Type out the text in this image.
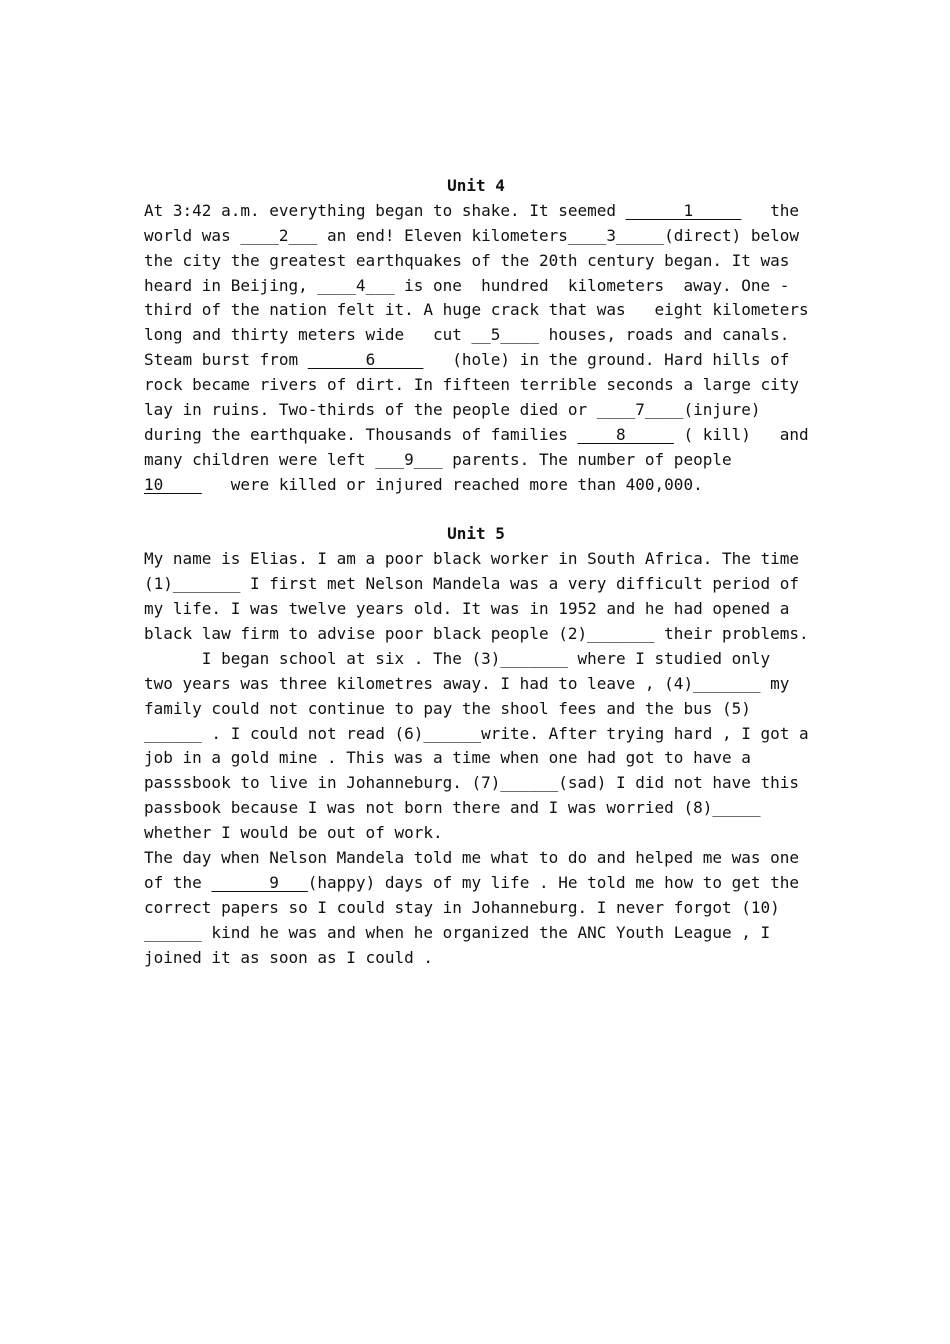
Unit 4
At 3:42 a.m. everything began to shake. It seemed ______1_____   the
world was ____2___ an end! Eleven kilometers____3_____(direct) below
the city the greatest earthquakes of the 20th century began. It was
heard in Beijing, ____4___ is one  hundred  kilometers  away. One -
third of the nation felt it. A huge crack that was   eight kilometers
long and thirty meters wide   cut __5____ houses, roads and canals.
Steam burst from ______6_____   (hole) in the ground. Hard hills of
rock became rivers of dirt. In fifteen terrible seconds a large city
lay in ruins. Two-thirds of the people died or ____7____(injure)
during the earthquake. Thousands of families ____8_____ ( kill)   and
many children were left ___9___ parents. The number of people
10____   were killed or injured reached more than 400,000.
Unit 5
My name is Elias. I am a poor black worker in South Africa. The time
(1)_______ I first met Nelson Mandela was a very difficult period of
my life. I was twelve years old. It was in 1952 and he had opened a
black law firm to advise poor black people (2)_______ their problems.
I began school at six . The (3)_______ where I studied only
two years was three kilometres away. I had to leave , (4)_______ my
family could not continue to pay the shool fees and the bus (5)
______ . I could not read (6)______write. After trying hard , I got a
job in a gold mine . This was a time when one had got to have a
passsbook to live in Johanneburg. (7)______(sad) I did not have this
passbook because I was not born there and I was worried (8)_____
whether I would be out of work.
The day when Nelson Mandela told me what to do and helped me was one
of the ______9___(happy) days of my life . He told me how to get the
correct papers so I could stay in Johanneburg. I never forgot (10)
______ kind he was and when he organized the ANC Youth League , I
joined it as soon as I could .
